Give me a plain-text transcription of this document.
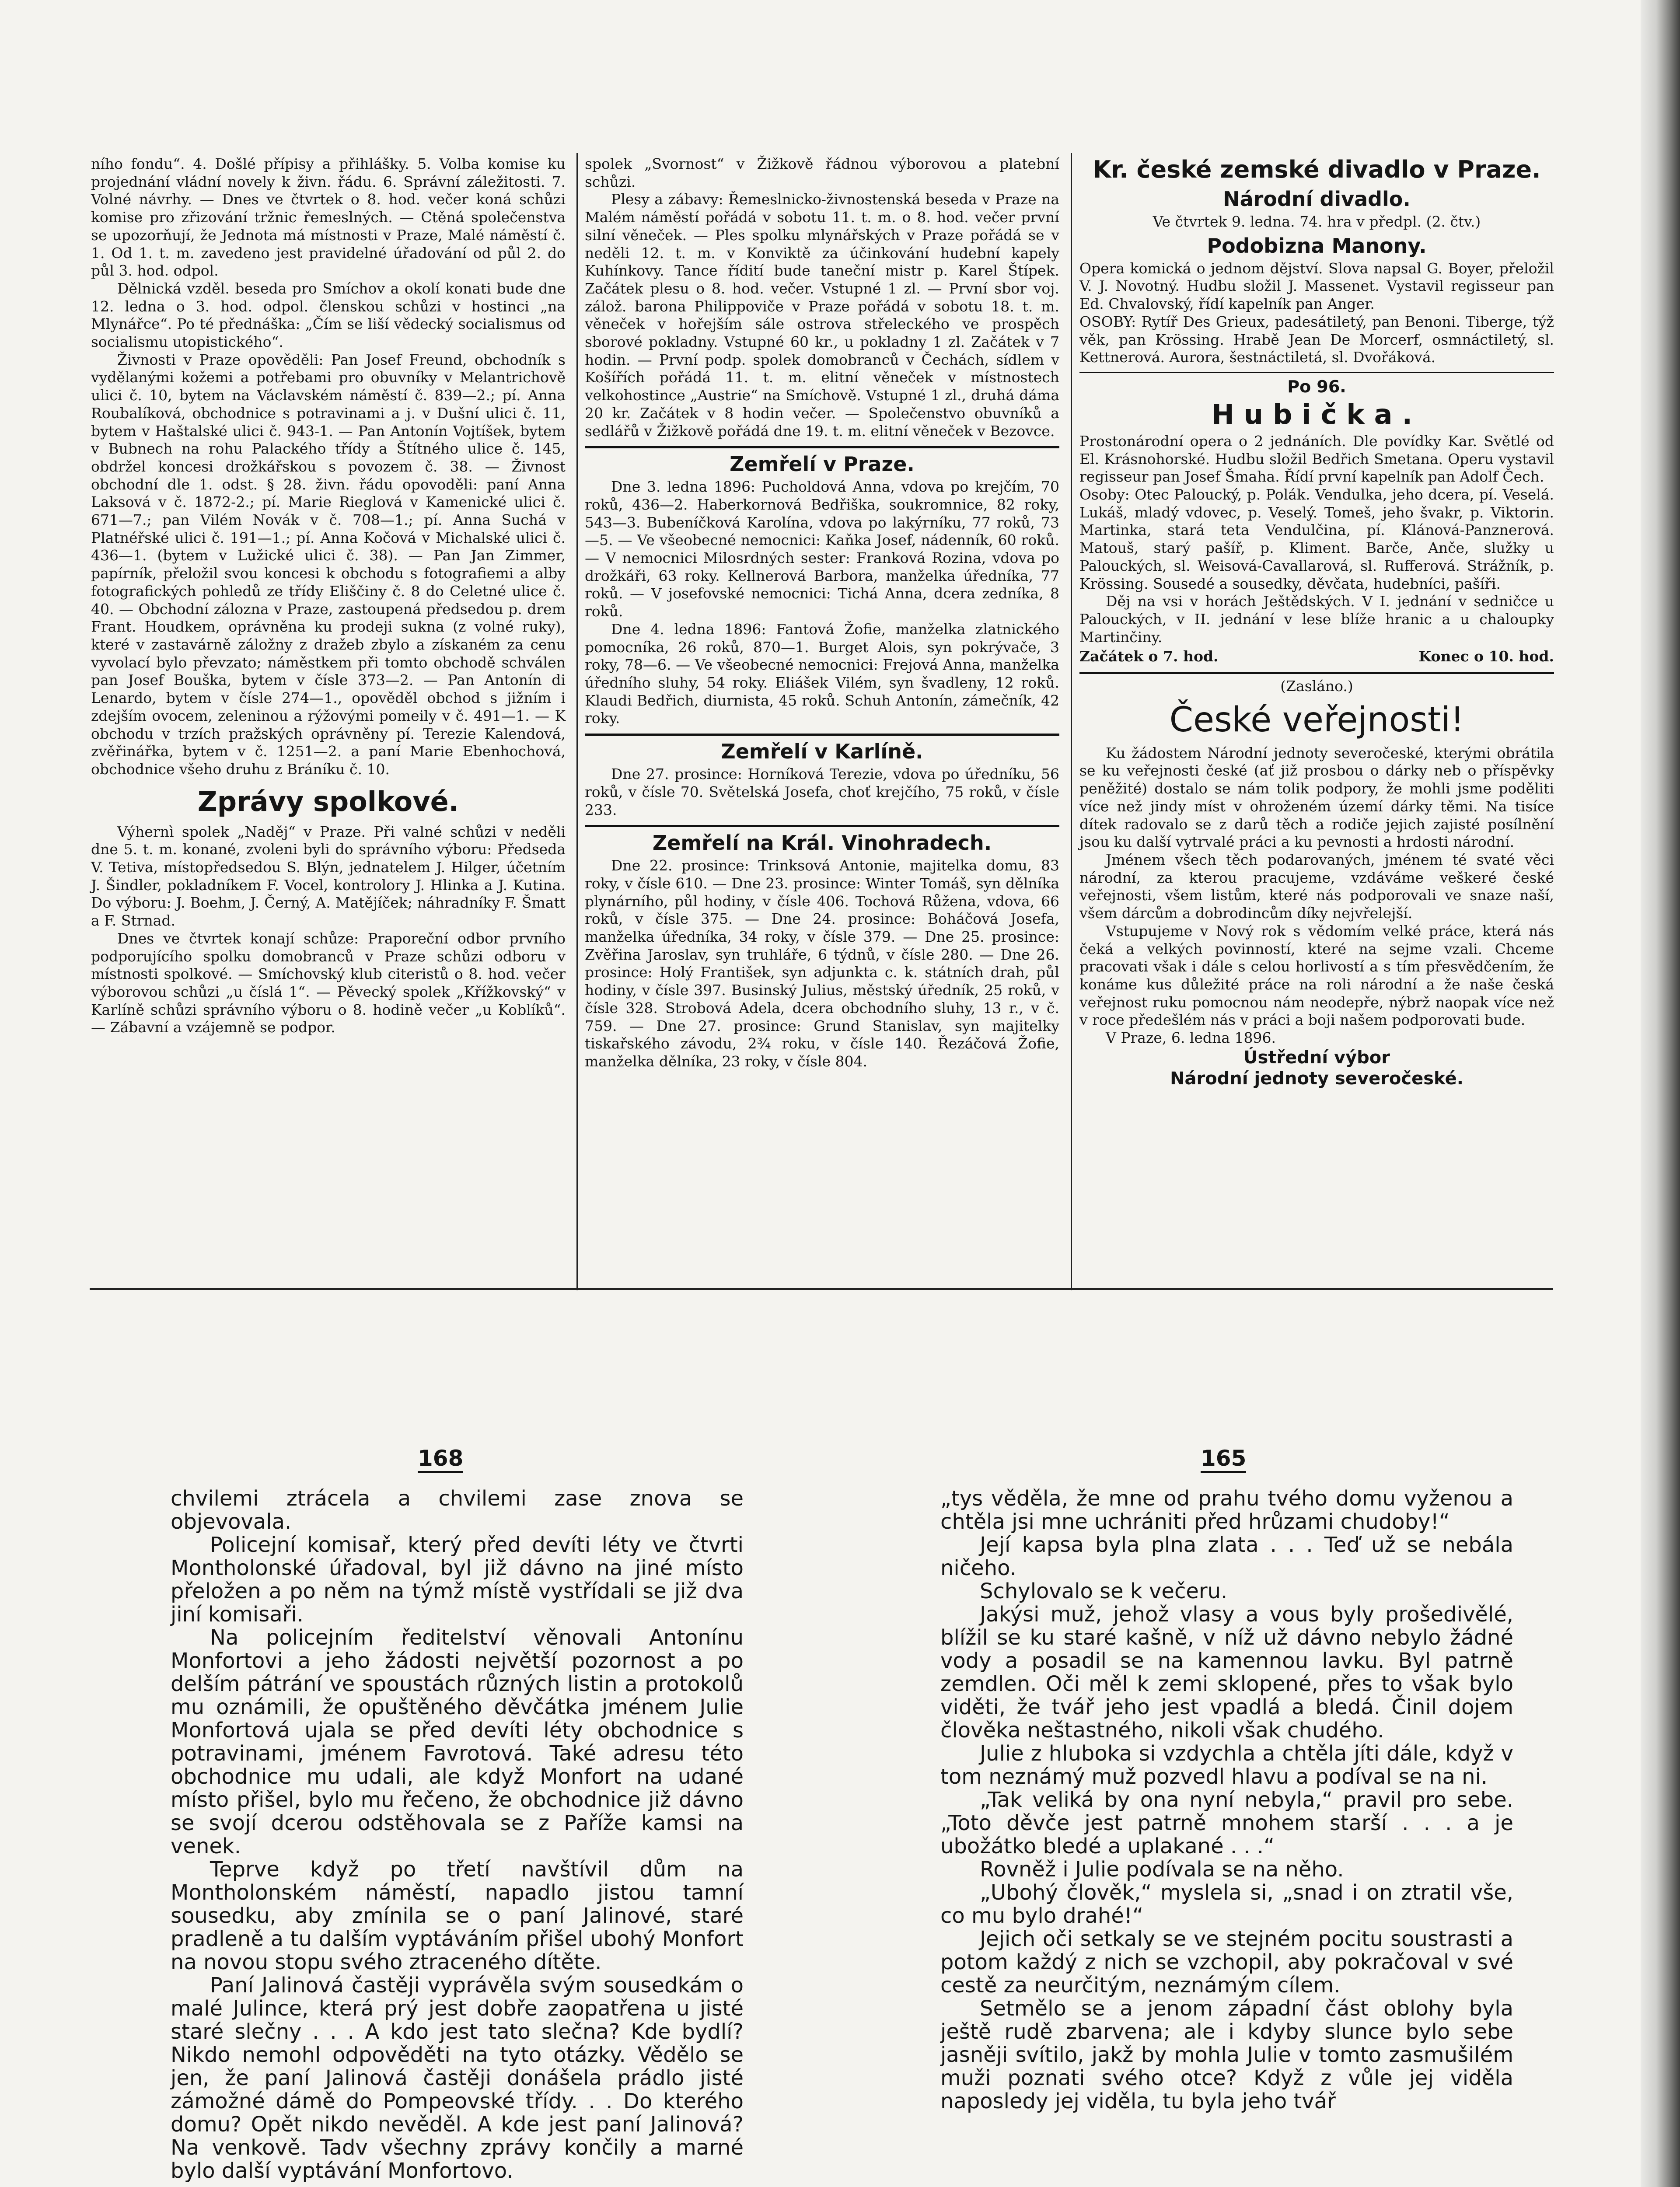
ního fondu“. 4. Došlé přípisy a přihlášky. 5. Volba komise ku projednání vládní novely k živn. řádu. 6. Správní záležitosti. 7. Volné návrhy. — Dnes ve čtvrtek o 8. hod. večer koná schůzi komise pro zřizování tržnic řemeslných. — Ctěná společenstva se upozorňují, že Jednota má místnosti v Praze, Malé náměstí č. 1. Od 1. t. m. zavedeno jest pravidelné úřadování od půl 2. do půl 3. hod. odpol.

Dělnická vzděl. beseda pro Smíchov a okolí konati bude dne 12. ledna o 3. hod. odpol. členskou schůzi v hostinci „na Mlynářce“. Po té přednáška: „Čím se liší vědecký socialismus od socialismu utopistického“.

Živnosti v Praze opověděli: Pan Josef Freund, obchodník s vydělanými kožemi a potřebami pro obuvníky v Melantrichově ulici č. 10, bytem na Václavském náměstí č. 839—2.; pí. Anna Roubalíková, obchodnice s potravinami a j. v Dušní ulici č. 11, bytem v Haštalské ulici č. 943-1. — Pan Antonín Vojtíšek, bytem v Bubnech na rohu Palackého třídy a Štítného ulice č. 145, obdržel koncesi drožkářskou s povozem č. 38. — Živnost obchodní dle 1. odst. § 28. živn. řádu opovoděli: paní Anna Laksová v č. 1872-2.; pí. Marie Rieglová v Kamenické ulici č. 671—7.; pan Vilém Novák v č. 708—1.; pí. Anna Suchá v Platnéřské ulici č. 191—1.; pí. Anna Kočová v Michalské ulici č. 436—1. (bytem v Lužické ulici č. 38). — Pan Jan Zimmer, papírník, přeložil svou koncesi k obchodu s fotografiemi a alby fotografických pohledů ze třídy Eliščiny č. 8 do Celetné ulice č. 40. — Obchodní zálozna v Praze, zastoupená předsedou p. drem Frant. Houdkem, oprávněna ku prodeji sukna (z volné ruky), které v zastavárně záložny z dražeb zbylo a získaném za cenu vyvolací bylo převzato; náměstkem při tomto obchodě schválen pan Josef Bouška, bytem v čísle 373—2. — Pan Antonín di Lenardo, bytem v čísle 274—1., opověděl obchod s jižním i zdejším ovocem, zeleninou a rýžovými pomeily v č. 491—1. — K obchodu v trzích pražských oprávněny pí. Terezie Kalendová, zvěřinářka, bytem v č. 1251—2. a paní Marie Ebenhochová, obchodnice všeho druhu z Bráníku č. 10.

Zprávy spolkové.

Výhernì spolek „Naděj“ v Praze. Při valné schůzi v neděli dne 5. t. m. konané, zvoleni byli do správního výboru: Předseda V. Tetiva, místopředsedou S. Blýn, jednatelem J. Hilger, účetním J. Šindler, pokladníkem F. Vocel, kontrolory J. Hlinka a J. Kutina. Do výboru: J. Boehm, J. Černý, A. Matějíček; náhradníky F. Šmatt a F. Strnad.

Dnes ve čtvrtek konají schůze: Praporeční odbor prvního podporujícího spolku domobranců v Praze schůzi odboru v místnosti spolkové. — Smíchovský klub citeristů o 8. hod. večer výborovou schůzi „u číslá 1“. — Pěvecký spolek „Křížkovský“ v Karlíně schůzi správního výboru o 8. hodině večer „u Koblíků“. — Zábavní a vzájemně se podpor.

spolek „Svornost“ v Žižkově řádnou výborovou a platební schůzi.

Plesy a zábavy: Řemeslnicko-živnostenská beseda v Praze na Malém náměstí pořádá v sobotu 11. t. m. o 8. hod. večer první silní věneček. — Ples spolku mlynářských v Praze pořádá se v neděli 12. t. m. v Konviktě za účinkování hudební kapely Kuhínkovy. Tance řídití bude taneční mistr p. Karel Štípek. Začátek plesu o 8. hod. večer. Vstupné 1 zl. — První sbor voj. zálož. barona Philippoviče v Praze pořádá v sobotu 18. t. m. věneček v hořejším sále ostrova střeleckého ve prospěch sborové pokladny. Vstupné 60 kr., u pokladny 1 zl. Začátek v 7 hodin. — První podp. spolek domobranců v Čechách, sídlem v Košířích pořádá 11. t. m. elitní věneček v místnostech velkohostince „Austrie“ na Smíchově. Vstupné 1 zl., druhá dáma 20 kr. Začátek v 8 hodin večer. — Společenstvo obuvníků a sedlářů v Žižkově pořádá dne 19. t. m. elitní věneček v Bezovce.

Zemřelí v Praze.

Dne 3. ledna 1896: Pucholdová Anna, vdova po krejčím, 70 roků, 436—2. Haberkornová Bedřiška, soukromnice, 82 roky, 543—3. Bubeníčková Karolína, vdova po lakýrníku, 77 roků, 73—5. — Ve všeobecné nemocnici: Kaňka Josef, nádenník, 60 roků. — V nemocnici Milosrdných sester: Franková Rozina, vdova po drožkáři, 63 roky. Kellnerová Barbora, manželka úředníka, 77 roků. — V josefovské nemocnici: Tichá Anna, dcera zedníka, 8 roků.

Dne 4. ledna 1896: Fantová Žofie, manželka zlatnického pomocníka, 26 roků, 870—1. Burget Alois, syn pokrývače, 3 roky, 78—6. — Ve všeobecné nemocnici: Frejová Anna, manželka úředního sluhy, 54 roky. Eliášek Vilém, syn švadleny, 12 roků. Klaudi Bedřich, diurnista, 45 roků. Schuh Antonín, zámečník, 42 roky.

Zemřelí v Karlíně.

Dne 27. prosince: Horníková Terezie, vdova po úředníku, 56 roků, v čísle 70. Světelská Josefa, choť krejčího, 75 roků, v čísle 233.

Zemřelí na Král. Vinohradech.

Dne 22. prosince: Trinksová Antonie, majitelka domu, 83 roky, v čísle 610. — Dne 23. prosince: Winter Tomáš, syn dělníka plynárního, půl hodiny, v čísle 406. Tochová Růžena, vdova, 66 roků, v čísle 375. — Dne 24. prosince: Boháčová Josefa, manželka úředníka, 34 roky, v čísle 379. — Dne 25. prosince: Zvěřina Jaroslav, syn truhláře, 6 týdnů, v čísle 280. — Dne 26. prosince: Holý František, syn adjunkta c. k. státních drah, půl hodiny, v čísle 397. Businský Julius, městský úředník, 25 roků, v čísle 328. Strobová Adela, dcera obchodního sluhy, 13 r., v č. 759. — Dne 27. prosince: Grund Stanislav, syn majitelky tiskařského závodu, 2¾ roku, v čísle 140. Řezáčová Žofie, manželka dělníka, 23 roky, v čísle 804.

Kr. české zemské divadlo v Praze.
Národní divadlo.
Ve čtvrtek 9. ledna. 74. hra v předpl. (2. čtv.)
Podobizna Manony.

Opera komická o jednom dějství. Slova napsal G. Boyer, přeložil V. J. Novotný. Hudbu složil J. Massenet. Vystavil regisseur pan Ed. Chvalovský, řídí kapelník pan Anger.

OSOBY: Rytíř Des Grieux, padesátiletý, pan Benoni. Tiberge, týž věk, pan Krössing. Hrabě Jean De Morcerf, osmnáctiletý, sl. Kettnerová. Aurora, šestnáctiletá, sl. Dvořáková.

Po 96.
Hubička.

Prostonárodní opera o 2 jednáních. Dle povídky Kar. Světlé od El. Krásnohorské. Hudbu složil Bedřich Smetana. Operu vystavil regisseur pan Josef Šmaha. Řídí první kapelník pan Adolf Čech.

Osoby: Otec Paloucký, p. Polák. Vendulka, jeho dcera, pí. Veselá. Lukáš, mladý vdovec, p. Veselý. Tomeš, jeho švakr, p. Viktorin. Martinka, stará teta Vendulčina, pí. Klánová-Panznerová. Matouš, starý pašíř, p. Kliment. Barče, Anče, služky u Palouckých, sl. Weisová-Cavallarová, sl. Rufferová. Strážník, p. Krössing. Sousedé a sousedky, děvčata, hudebníci, pašíři.

Děj na vsi v horách Ještědských. V I. jednání v sedničce u Palouckých, v II. jednání v lese blíže hranic a u chaloupky Martinčiny.

Začátek o 7. hod.	Konec o 10. hod.
(Zasláno.)
České veřejnosti!

Ku žádostem Národní jednoty severočeské, kterými obrátila se ku veřejnosti české (ať již prosbou o dárky neb o příspěvky peněžité) dostalo se nám tolik podpory, že mohli jsme poděliti více než jindy míst v ohroženém území dárky těmi. Na tisíce dítek radovalo se z darů těch a rodiče jejich zajisté posílnění jsou ku další vytrvalé práci a ku pevnosti a hrdosti národní.

Jménem všech těch podarovaných, jménem té svaté věci národní, za kterou pracujeme, vzdáváme veškeré české veřejnosti, všem listům, které nás podporovali ve snaze naší, všem dárcům a dobrodincům díky nejvřelejší.

Vstupujeme v Nový rok s vědomím velké práce, která nás čeká a velkých povinností, které na sejme vzali. Chceme pracovati však i dále s celou horlivostí a s tím přesvědčením, že konáme kus důležité práce na roli národní a že naše česká veřejnost ruku pomocnou nám neodepře, nýbrž naopak více než v roce předešlém nás v práci a boji našem podporovati bude.

V Praze, 6. ledna 1896.

Ústřední výbor
Národní jednoty severočeské.
168	165

chvilemi ztrácela a chvilemi zase znova se objevovala.

Policejní komisař, který před devíti léty ve čtvrti Montholonské úřadoval, byl již dávno na jiné místo přeložen a po něm na týmž místě vystřídali se již dva jiní komisaři.

Na policejním ředitelství věnovali Antonínu Monfortovi a jeho žádosti největší pozornost a po delším pátrání ve spoustách různých listin a protokolů mu oznámili, že opuštěného děvčátka jménem Julie Monfortová ujala se před devíti léty obchodnice s potravinami, jménem Favrotová. Také adresu této obchodnice mu udali, ale když Monfort na udané místo přišel, bylo mu řečeno, že obchodnice již dávno se svojí dcerou odstěhovala se z Paříže kamsi na venek.

Teprve když po třetí navštívil dům na Montholonském náměstí, napadlo jistou tamní sousedku, aby zmínila se o paní Jalinové, staré pradleně a tu dalším vyptáváním přišel ubohý Monfort na novou stopu svého ztraceného dítěte.

Paní Jalinová častěji vyprávěla svým sousedkám o malé Julince, která prý jest dobře zaopatřena u jisté staré slečny . . . A kdo jest tato slečna? Kde bydlí? Nikdo nemohl odpověděti na tyto otázky. Vědělo se jen, že paní Jalinová častěji donášela prádlo jisté zámožné dámě do Pompeovské třídy. . . Do kterého domu? Opět nikdo nevěděl. A kde jest paní Jalinová? Na venkově. Tadv všechny zprávy končily a marné bylo další vyptávání Monfortovo.

„tys věděla, že mne od prahu tvého domu vyženou a chtěla jsi mne uchrániti před hrůzami chudoby!“

Její kapsa byla plna zlata . . . Teď už se nebála ničeho.

Schylovalo se k večeru.

Jakýsi muž, jehož vlasy a vous byly prošedivělé, blížil se ku staré kašně, v níž už dávno nebylo žádné vody a posadil se na kamennou lavku. Byl patrně zemdlen. Oči měl k zemi sklopené, přes to však bylo viděti, že tvář jeho jest vpadlá a bledá. Činil dojem člověka neštastného, nikoli však chudého.

Julie z hluboka si vzdychla a chtěla jíti dále, když v tom neznámý muž pozvedl hlavu a podíval se na ni.

„Tak veliká by ona nyní nebyla,“ pravil pro sebe. „Toto děvče jest patrně mnohem starší . . . a je ubožátko bledé a uplakané . . .“

Rovněž i Julie podívala se na něho.

„Ubohý člověk,“ myslela si, „snad i on ztratil vše, co mu bylo drahé!“

Jejich oči setkaly se ve stejném pocitu soustrasti a potom každý z nich se vzchopil, aby pokračoval v své cestě za neurčitým, neznámým cílem.

Setmělo se a jenom západní část oblohy byla ještě rudě zbarvena; ale i kdyby slunce bylo sebe jasněji svítilo, jakž by mohla Julie v tomto zasmušilém muži poznati svého otce? Když z vůle jej viděla naposledy jej viděla, tu byla jeho tvář
